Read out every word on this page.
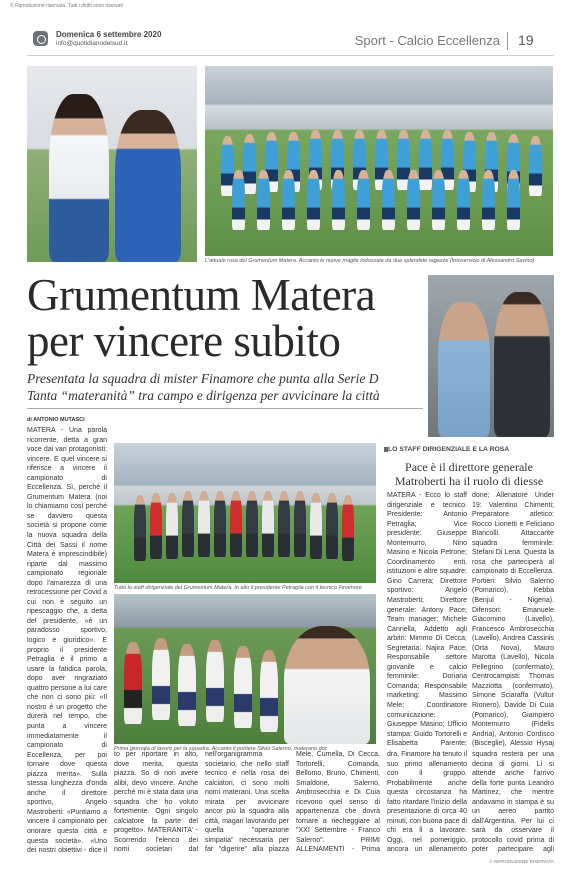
© Riproduzione riservata. Tutti i diritti sono riservati
Domenica 6 settembre 2020
info@quotidianodelsud.it	Sport - Calcio Eccellenza 19
L'attuale rosa del Grumentum Matera. Accanto le nuove maglie indossate da due splendide ragazze (fotoservizio di Alessandro Savino)
Grumentum Matera
per vincere subito
Presentata la squadra di mister Finamore che punta alla Serie D
Tanta “materanità” tra campo e dirigenza per avvicinare la città
di ANTONIO MUTASCI
MATERA - Una parola ricorrente, detta a gran voce dai vari protagonisti: vincere. E quel vincere si riferisce a vincere il campionato di Eccellenza. Sì, perché il Grumentum Matera (noi lo chiamiamo così perché se davvero questa società si propone come la nuova squadra della Città dei Sassi il nome Matera è imprescindibile) riparte dal massimo campionato regionale dopo l'amarezza di una retrocessione per Covid a cui non è seguito un ripescaggio che, a detta del presidente, «è un paradosso sportivo, logico e giuridico». E proprio il presidente Petraglia è il primo a usare la fatidica parola, dopo aver ringraziato quattro persone a lui care che non ci sono più: «Il nostro è un progetto che durerà nel tempo, che punta a vincere immediatamente il campionato di Eccellenza, per poi tornare dove questa piazza merita». Sulla stessa lunghezza d'onda anche il direttore sportivo, Angelo Mastroberti: «Puntiamo a vincere il campionato per onorare questa città e questa società». «Uno dei nostri obiettivi - dice il
Tutto lo staff dirigenziale del Grumentum Matera. In alto il presidente Petraglia con il tecnico Finamore
Prima giornata di lavoro per la squadra. Accanto il portiere Silvio Salerno, materano doc
LO STAFF DIRIGENZIALE E LA ROSA
Pace è il direttore generale
Matroberti ha il ruolo di diesse
MATERA - Ecco lo staff dirigenziale e tecnico. Presidente: Antonio Petraglia; Vice presidente: Giuseppe Montemurro, Nino Masino e Nicola Petrone; Coordinamento enti, istituzioni e altre squadre: Gino Carrera; Direttore sportivo: Angelo Mastroberti; Direttore generale: Antony Pace; Team manager: Michele Cannella, Addetto agli arbitri: Mimmo Di Cecca; Segretaria: Najira Pace; Responsabile settore giovanile e calcio femminile: Doriana Comanda; Responsabile marketing: Massimo Mele; Coordinatore comunicazione: Giuseppe Masino; Ufficio stampa: Guido Tortorelli e Elisabetta Parente;
done; Allenatore Under 19: Valentino Chimenti; Preparatore atletico: Rocco Lionetti e Feliciano Biancolli. Attaccante squadra femminile: Stefani Di Lena. Questa la rosa che parteciperà al campionato di Eccellenza. Portieri: Silvio Salerno (Pomarico), Kebba (Benjul - Nigeria). Difensori: Emanuele Giacomino (Lavello), Francesco Ambrosecchia (Lavello), Andrea Cassinis (Orta Nova), Mauro Marotta (Lavello), Nicola Pellegrino (confermato); Centrocampisti: Thomas Mazziotta (confermato), Simone Sciaraffa (Vultur Rionero), Davide Di Cuia (Pomarico), Giampiero Montemurro (Fidelis Andria), Antonio Cordisco (Bisceglie), Alessio Hysaj
to per riportare in alto, dove merita, questa piazza. So di non avere alibi, devo vincere. Anche perché mi è stata data una squadra che ho voluto fortemente. Ogni singolo calciatore fa parte del progetto». MATERANITA' - Scorrendo l'elenco dei nomi societari dal
nell'organigramma societario, che nello staff tecnico e nella rosa dei calciatori, ci sono molti nomi materani. Una scelta mirata per avvicinare ancor più la squadra alla città, magari lavorando per quella "operazione simpatia" necessaria per far "digerire" alla piazza
Mele, Cumella, Di Cecca, Tortorelli, Comanda, Bellomo, Bruno, Chimenti, Smaldone, Salerno, Ambrosecchia e Di Cuia ricevono quel senso di appartenenza che dovrà tornare a riecheggiare al "XXI Settembre - Franco Salerno". PRIMI ALLENAMENTI - Prima
dra, Finamore ha tenuto il suo primo allenamento con il gruppo. Probabilmente anche questa circostanza ha fatto ritardare l'inizio della presentazione di circa 40 minuti, con buona pace di chi era lì a lavorare. Oggi, nel pomeriggio, ancora un allenamento
squadra resterà per una decina di giorni. Lì si attende anche l'arrivo della forte punta Leandro Martinez, che mentre andavamo in stampa è su un aereo partito dall'Argentina. Per lui ci sarà da osservare il protocollo covid prima di poter partecipare agli
© RIPRODUZIONE RISERVATA
